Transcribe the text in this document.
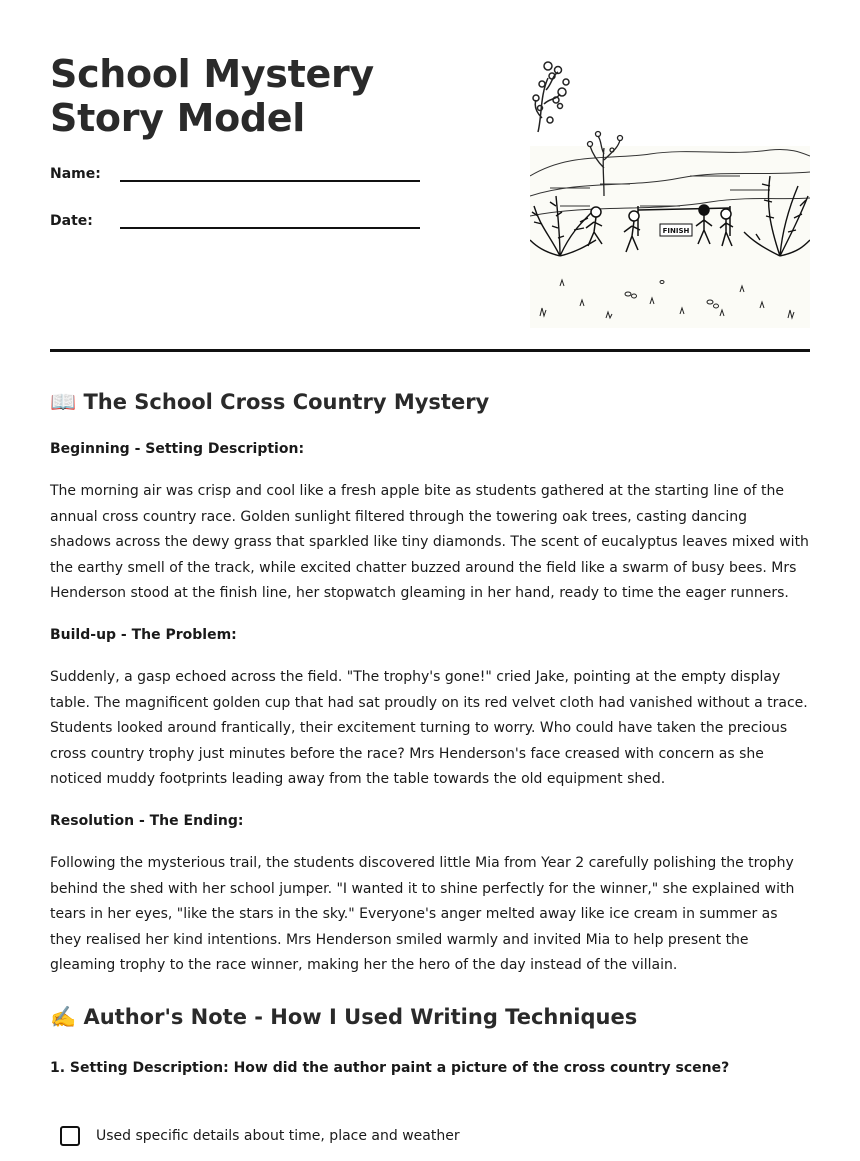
School Mystery Story Model
Name:
Date:
FINISH
📖 The School Cross Country Mystery
Beginning - Setting Description:

The morning air was crisp and cool like a fresh apple bite as students gathered at the starting line of the annual cross country race. Golden sunlight filtered through the towering oak trees, casting dancing shadows across the dewy grass that sparkled like tiny diamonds. The scent of eucalyptus leaves mixed with the earthy smell of the track, while excited chatter buzzed around the field like a swarm of busy bees. Mrs Henderson stood at the finish line, her stopwatch gleaming in her hand, ready to time the eager runners.

Build-up - The Problem:

Suddenly, a gasp echoed across the field. "The trophy's gone!" cried Jake, pointing at the empty display table. The magnificent golden cup that had sat proudly on its red velvet cloth had vanished without a trace. Students looked around frantically, their excitement turning to worry. Who could have taken the precious cross country trophy just minutes before the race? Mrs Henderson's face creased with concern as she noticed muddy footprints leading away from the table towards the old equipment shed.

Resolution - The Ending:

Following the mysterious trail, the students discovered little Mia from Year 2 carefully polishing the trophy behind the shed with her school jumper. "I wanted it to shine perfectly for the winner," she explained with tears in her eyes, "like the stars in the sky." Everyone's anger melted away like ice cream in summer as they realised her kind intentions. Mrs Henderson smiled warmly and invited Mia to help present the gleaming trophy to the race winner, making her the hero of the day instead of the villain.

✍️ Author's Note - How I Used Writing Techniques
1. Setting Description: How did the author paint a picture of the cross country scene?
Used specific details about time, place and weather
